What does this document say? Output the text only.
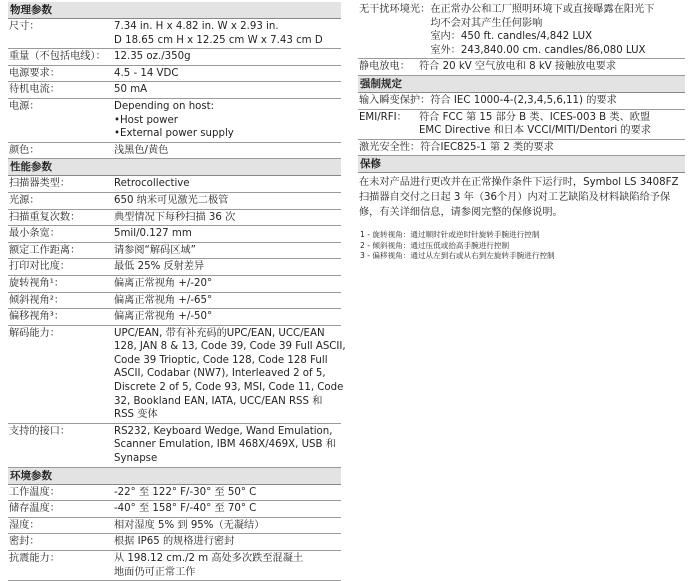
物理参数
尺寸：	7.34 in. H x 4.82 in. W x 2.93 in.
D 18.65 cm H x 12.25 cm W x 7.43 cm D
重量（不包括电线）： 12.35 oz./350g
电源要求：	4.5 - 14 VDC
待机电流：	50 mA
电源：	Depending on host:
• Host power
• External power supply
颜色：	浅黑色/黄色
性能参数
扫描器类型：	Retrocollective
光源：	650 纳米可见激光二极管
扫描重复次数：	典型情况下每秒扫描 36 次
最小条宽：	5mil/0.127 mm
额定工作距离：	请参阅“解码区域”
打印对比度：	最低 25% 反射差异
旋转视角¹：	偏离正常视角 +/-20°
倾斜视角²：	偏离正常视角 +/-65°
偏移视角³：	偏离正常视角 +/-50°
解码能力：	UPC/EAN, 带有补充码的UPC/EAN, UCC/EAN
128, JAN 8 & 13, Code 39, Code 39 Full ASCII,
Code 39 Trioptic, Code 128, Code 128 Full
ASCII, Codabar (NW7), Interleaved 2 of 5,
Discrete 2 of 5, Code 93, MSI, Code 11, Code
32, Bookland EAN, IATA, UCC/EAN RSS 和
RSS 变体
支持的接口：	RS232, Keyboard Wedge, Wand Emulation,
Scanner Emulation, IBM 468X/469X, USB 和
Synapse
环境参数
工作温度：	-22° 至 122° F/-30° 至 50° C
储存温度：	-40° 至 158° F/-40° 至 70° C
湿度：	相对湿度 5% 到 95%（无凝结）
密封：	根据 IP65 的规格进行密封
抗震能力：	从 198.12 cm./2 m 高处多次跌至混凝土
地面仍可正常工作
无干扰环境光： 在正常办公和工厂照明环境下或直接曝露在阳光下
均不会对其产生任何影响
室内：450 ft. candles/4,842 LUX
室外：243,840.00 cm. candles/86,080 LUX
静电放电： 符合 20 kV 空气放电和 8 kV 接触放电要求
强制规定
输入瞬变保护： 符合 IEC 1000-4-(2,3,4,5,6,11) 的要求
EMI/RFI：	符合 FCC 第 15 部分 B 类、ICES-003 B 类、欧盟
EMC Directive 和日本 VCCI/MITI/Dentori 的要求
激光安全性： 符合IEC825-1 第 2 类的要求
保修
在未对产品进行更改并在正常操作条件下运行时，Symbol LS 3408FZ 扫描器自交付之日起 3 年（36个月）内对工艺缺陷及材料缺陷给予保修，有关详细信息，请参阅完整的保修说明。
1 - 旋转视角：通过顺时针或逆时针旋转手腕进行控制
2 - 倾斜视角：通过压低或抬高手腕进行控制
3 - 偏移视角：通过从左到右或从右到左旋转手腕进行控制
